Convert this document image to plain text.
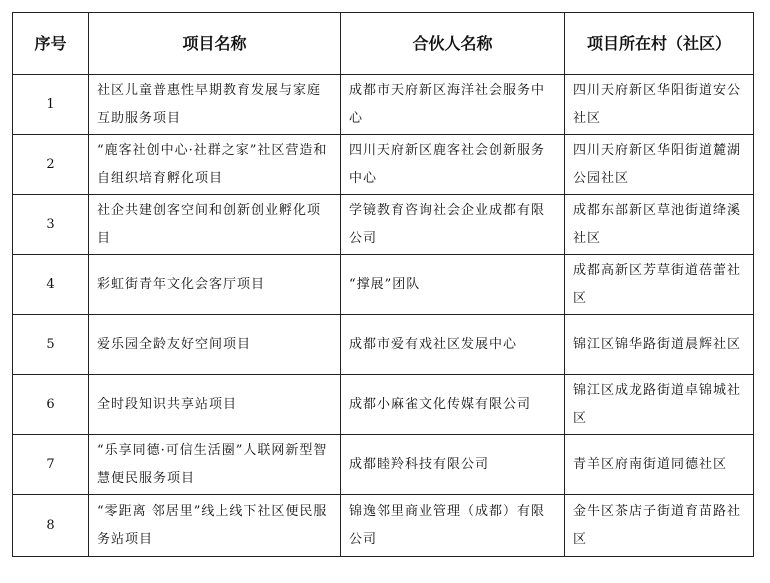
序号	项目名称	合伙人名称	项目所在村（社区）
1	社区儿童普惠性早期教育发展与家庭互助服务项目	成都市天府新区海洋社会服务中心	四川天府新区华阳街道安公社区
2	“鹿客社创中心·社群之家”社区营造和自组织培育孵化项目	四川天府新区鹿客社会创新服务中心	四川天府新区华阳街道麓湖公园社区
3	社企共建创客空间和创新创业孵化项目	学镜教育咨询社会企业成都有限公司	成都东部新区草池街道绛溪社区
4	彩虹街青年文化会客厅项目	“撑展”团队	成都高新区芳草街道蓓蕾社区
5	爱乐园全龄友好空间项目	成都市爱有戏社区发展中心	锦江区锦华路街道晨辉社区
6	全时段知识共享站项目	成都小麻雀文化传媒有限公司	锦江区成龙路街道卓锦城社区
7	“乐享同德·可信生活圈”人联网新型智慧便民服务项目	成都睦羚科技有限公司	青羊区府南街道同德社区
8	“零距离 邻居里”线上线下社区便民服务站项目	锦逸邻里商业管理（成都）有限公司	金牛区茶店子街道育苗路社区
